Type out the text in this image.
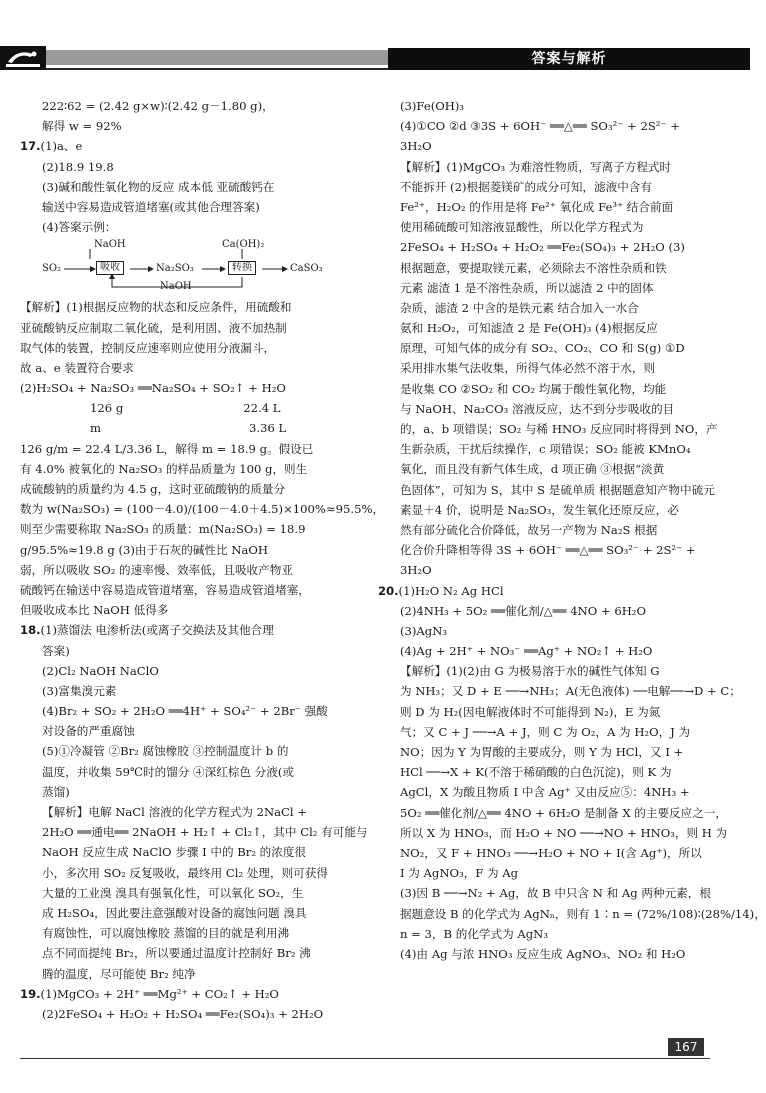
答案与解析
222∶62 = (2.42 g×w)∶(2.42 g－1.80 g)，
解得 w = 92%
17.(1)a、e
(2)18.9 19.8
(3)碱和酸性氧化物的反应 成本低 亚硫酸钙在
输送中容易造成管道堵塞(或其他合理答案)
(4)答案示例：
NaOH	Ca(OH)₂
SO₂	吸收	Na₂SO₃	转换	CaSO₃
NaOH
【解析】(1)根据反应物的状态和反应条件，用硫酸和
亚硫酸钠反应制取二氧化硫，是利用固、液不加热制
取气体的装置，控制反应速率则应使用分液漏斗，
故 a、e 装置符合要求
(2)H₂SO₄ + Na₂SO₃ ══Na₂SO₄ + SO₂↑ + H₂O
126 g	22.4 L
m	3.36 L
126 g/m = 22.4 L/3.36 L，解得 m = 18.9 g。假设已
有 4.0% 被氧化的 Na₂SO₃ 的样品质量为 100 g，则生
成硫酸钠的质量约为 4.5 g，这时亚硫酸钠的质量分
数为 w(Na₂SO₃) = (100－4.0)/(100－4.0＋4.5)×100%≈95.5%，
则至少需要称取 Na₂SO₃ 的质量：m(Na₂SO₃) = 18.9
g/95.5%≈19.8 g (3)由于石灰的碱性比 NaOH
弱，所以吸收 SO₂ 的速率慢、效率低，且吸收产物亚
硫酸钙在输送中容易造成管道堵塞，容易造成管道堵塞，
但吸收成本比 NaOH 低得多
18.(1)蒸馏法 电渗析法(或离子交换法及其他合理
答案)
(2)Cl₂ NaOH NaClO
(3)富集溴元素
(4)Br₂ + SO₂ + 2H₂O ══4H⁺ + SO₄²⁻ + 2Br⁻ 强酸
对设备的严重腐蚀
(5)①冷凝管 ②Br₂ 腐蚀橡胶 ③控制温度计 b 的
温度，并收集 59℃时的馏分 ④深红棕色 分液(或
蒸馏)
【解析】电解 NaCl 溶液的化学方程式为 2NaCl +
2H₂O ══通电══ 2NaOH + H₂↑ + Cl₂↑，其中 Cl₂ 有可能与
NaOH 反应生成 NaClO 步骤 I 中的 Br₂ 的浓度很
小，多次用 SO₂ 反复吸收，最终用 Cl₂ 处理，则可获得
大量的工业溴 溴具有强氧化性，可以氧化 SO₂，生
成 H₂SO₄，因此要注意强酸对设备的腐蚀问题 溴具
有腐蚀性，可以腐蚀橡胶 蒸馏的目的就是利用沸
点不同而提纯 Br₂，所以要通过温度计控制好 Br₂ 沸
腾的温度，尽可能使 Br₂ 纯净
19.(1)MgCO₃ + 2H⁺ ══Mg²⁺ + CO₂↑ + H₂O
(2)2FeSO₄ + H₂O₂ + H₂SO₄ ══Fe₂(SO₄)₃ + 2H₂O
(3)Fe(OH)₃
(4)①CO ②d ③3S + 6OH⁻ ══△══ SO₃²⁻ + 2S²⁻ +
3H₂O
【解析】(1)MgCO₃ 为难溶性物质，写离子方程式时
不能拆开 (2)根据菱镁矿的成分可知，滤液中含有
Fe²⁺，H₂O₂ 的作用是将 Fe²⁺ 氧化成 Fe³⁺ 结合前面
使用稀硫酸可知溶液显酸性，所以化学方程式为
2FeSO₄ + H₂SO₄ + H₂O₂ ══Fe₂(SO₄)₃ + 2H₂O (3)
根据题意，要提取镁元素，必须除去不溶性杂质和铁
元素 滤渣 1 是不溶性杂质，所以滤渣 2 中的固体
杂质，滤渣 2 中含的是铁元素 结合加入一水合
氨和 H₂O₂，可知滤渣 2 是 Fe(OH)₃ (4)根据反应
原理，可知气体的成分有 SO₂、CO₂、CO 和 S(g) ①D
采用排水集气法收集，所得气体必然不溶于水，则
是收集 CO ②SO₂ 和 CO₂ 均属于酸性氧化物，均能
与 NaOH、Na₂CO₃ 溶液反应，达不到分步吸收的目
的，a、b 项错误；SO₂ 与稀 HNO₃ 反应同时将得到 NO，产
生新杂质，干扰后续操作，c 项错误；SO₂ 能被 KMnO₄
氧化，而且没有新气体生成，d 项正确 ③根据“淡黄
色固体”，可知为 S，其中 S 是硫单质 根据题意知产物中硫元
素显＋4 价，说明是 Na₂SO₃，发生氧化还原反应，必
然有部分硫化合价降低，故另一产物为 Na₂S 根据
化合价升降相等得 3S + 6OH⁻ ══△══ SO₃²⁻ + 2S²⁻ +
3H₂O
20.(1)H₂O N₂ Ag HCl
(2)4NH₃ + 5O₂ ══催化剂/△══ 4NO + 6H₂O
(3)AgN₃
(4)Ag + 2H⁺ + NO₃⁻ ══Ag⁺ + NO₂↑ + H₂O
【解析】(1)(2)由 G 为极易溶于水的碱性气体知 G
为 NH₃；又 D + E ──→NH₃；A(无色液体) ──电解──→D + C；
则 D 为 H₂(因电解液体时不可能得到 N₂)，E 为氮
气；又 C + J ──→A + J，则 C 为 O₂，A 为 H₂O，J 为
NO；因为 Y 为胃酸的主要成分，则 Y 为 HCl，又 I +
HCl ──→X + K(不溶于稀硝酸的白色沉淀)，则 K 为
AgCl，X 为酸且物质 I 中含 Ag⁺ 又由反应⑤：4NH₃ +
5O₂ ══催化剂/△══ 4NO + 6H₂O 是制备 X 的主要反应之一，
所以 X 为 HNO₃，而 H₂O + NO ──→NO + HNO₃，则 H 为
NO₂，又 F + HNO₃ ──→H₂O + NO + I(含 Ag⁺)，所以
I 为 AgNO₃，F 为 Ag
(3)因 B ──→N₂ + Ag，故 B 中只含 N 和 Ag 两种元素，根
据题意设 B 的化学式为 AgNₙ，则有 1∶n = (72%/108)∶(28%/14)，
n = 3，B 的化学式为 AgN₃
(4)由 Ag 与浓 HNO₃ 反应生成 AgNO₃、NO₂ 和 H₂O
167
